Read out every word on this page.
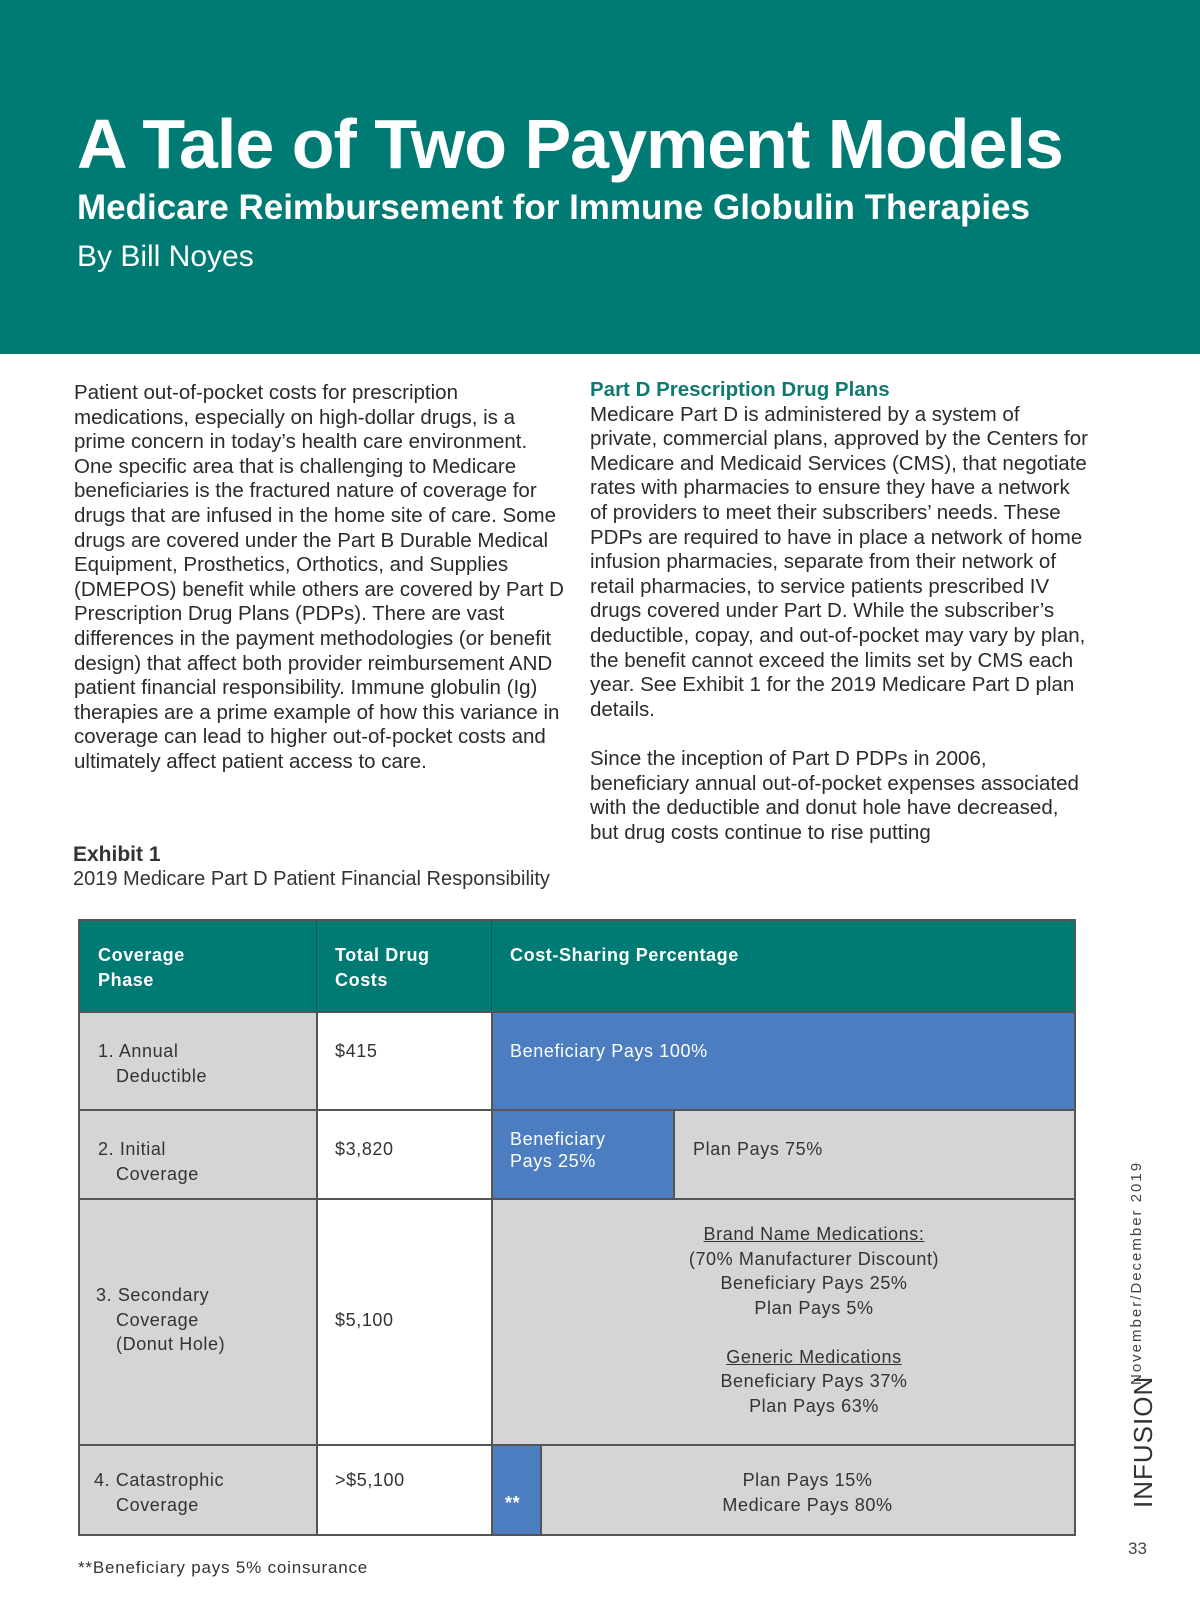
A Tale of Two Payment Models
Medicare Reimbursement for Immune Globulin Therapies
By Bill Noyes

Patient out-of-pocket costs for prescription medications, especially on high-dollar drugs, is a prime concern in today’s health care environment. One specific area that is challenging to Medicare beneficiaries is the fractured nature of coverage for drugs that are infused in the home site of care. Some drugs are covered under the Part B Durable Medical Equipment, Prosthetics, Orthotics, and Supplies (DMEPOS) benefit while others are covered by Part D Prescription Drug Plans (PDPs). There are vast differences in the payment methodologies (or benefit design) that affect both provider reimbursement AND patient financial responsibility. Immune globulin (Ig) therapies are a prime example of how this variance in coverage can lead to higher out-of-pocket costs and ultimately affect patient access to care.

Part D Prescription Drug Plans

Medicare Part D is administered by a system of private, commercial plans, approved by the Centers for Medicare and Medicaid Services (CMS), that negotiate rates with pharmacies to ensure they have a network of providers to meet their subscribers’ needs. These PDPs are required to have in place a network of home infusion pharmacies, separate from their network of retail pharmacies, to service patients prescribed IV drugs covered under Part D. While the subscriber’s deductible, copay, and out-of-pocket may vary by plan, the benefit cannot exceed the limits set by CMS each year. See Exhibit 1 for the 2019 Medicare Part D plan details.

Since the inception of Part D PDPs in 2006, beneficiary annual out-of-pocket expenses associated with the deductible and donut hole have decreased, but drug costs continue to rise putting

Exhibit 1
2019 Medicare Part D Patient Financial Responsibility
Coverage
Phase
Total Drug
Costs
Cost-Sharing Percentage
1. Annual
Deductible
$415	Beneficiary Pays 100%
2. Initial
Coverage
$3,820	Beneficiary
Pays 25%
Plan Pays 75%
3. Secondary
Coverage
(Donut Hole)
$5,100
Brand Name Medications:
(70% Manufacturer Discount)
Beneficiary Pays 25%
Plan Pays 5%
Generic Medications
Beneficiary Pays 37%
Plan Pays 63%
4. Catastrophic
Coverage
>$5,100
**
Plan Pays 15%
Medicare Pays 80%
**Beneficiary pays 5% coinsurance
November/December 2019
INFUSION
33
